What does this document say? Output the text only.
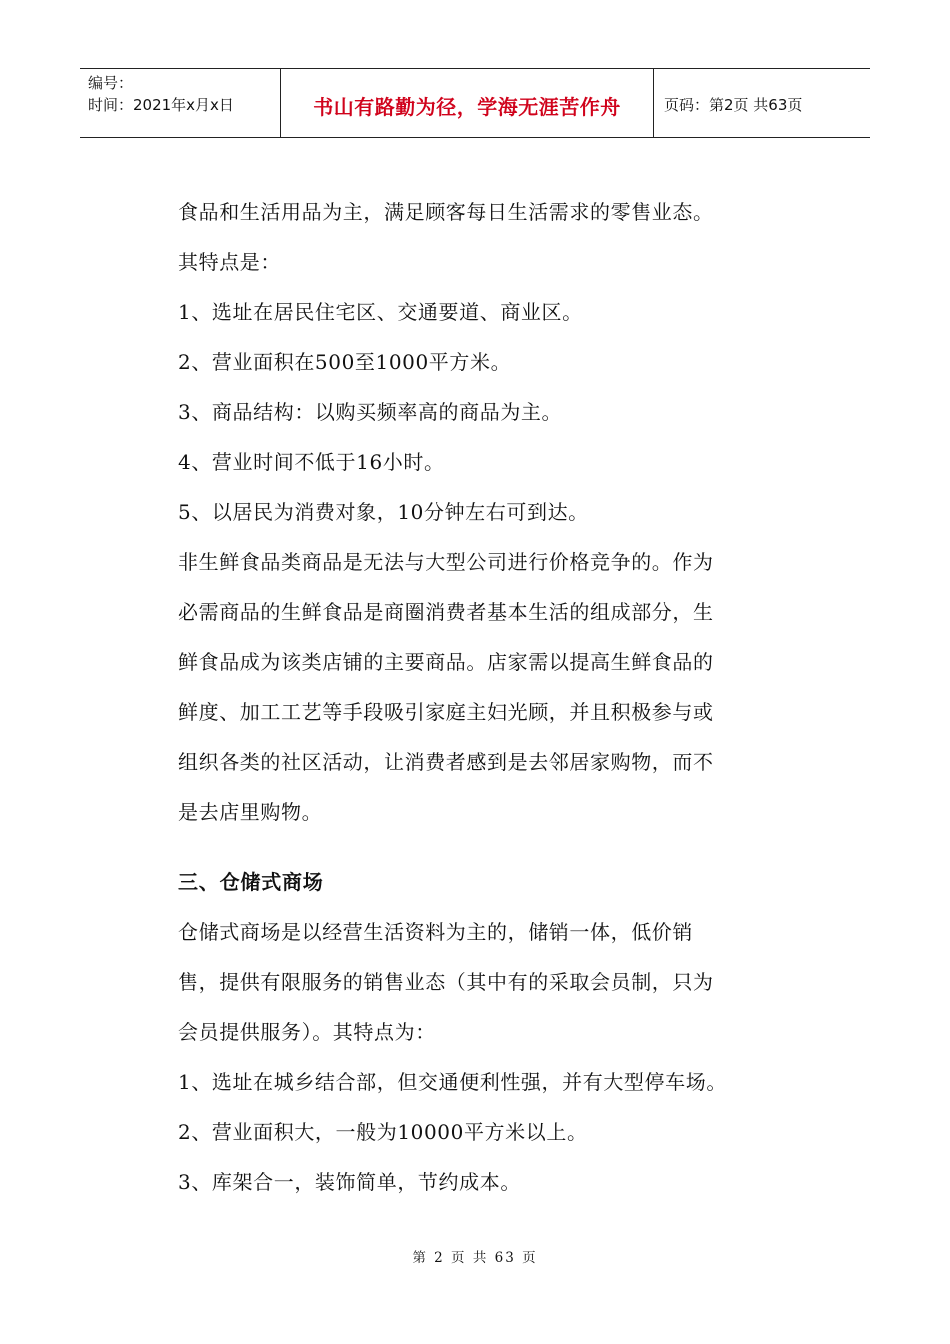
编号：
时间：2021年x月x日	书山有路勤为径，学海无涯苦作舟	页码：第2页 共63页
食品和生活用品为主，满足顾客每日生活需求的零售业态。
其特点是：
1、选址在居民住宅区、交通要道、商业区。
2、营业面积在500至1000平方米。
3、商品结构：以购买频率高的商品为主。
4、营业时间不低于16小时。
5、以居民为消费对象，10分钟左右可到达。
非生鲜食品类商品是无法与大型公司进行价格竞争的。作为
必需商品的生鲜食品是商圈消费者基本生活的组成部分，生
鲜食品成为该类店铺的主要商品。店家需以提高生鲜食品的
鲜度、加工工艺等手段吸引家庭主妇光顾，并且积极参与或
组织各类的社区活动，让消费者感到是去邻居家购物，而不
是去店里购物。
三、仓储式商场
仓储式商场是以经营生活资料为主的，储销一体，低价销
售，提供有限服务的销售业态（其中有的采取会员制，只为
会员提供服务）。其特点为：
1、选址在城乡结合部，但交通便利性强，并有大型停车场。
2、营业面积大，一般为10000平方米以上。
3、库架合一，装饰简单，节约成本。
第 2 页 共 63 页
